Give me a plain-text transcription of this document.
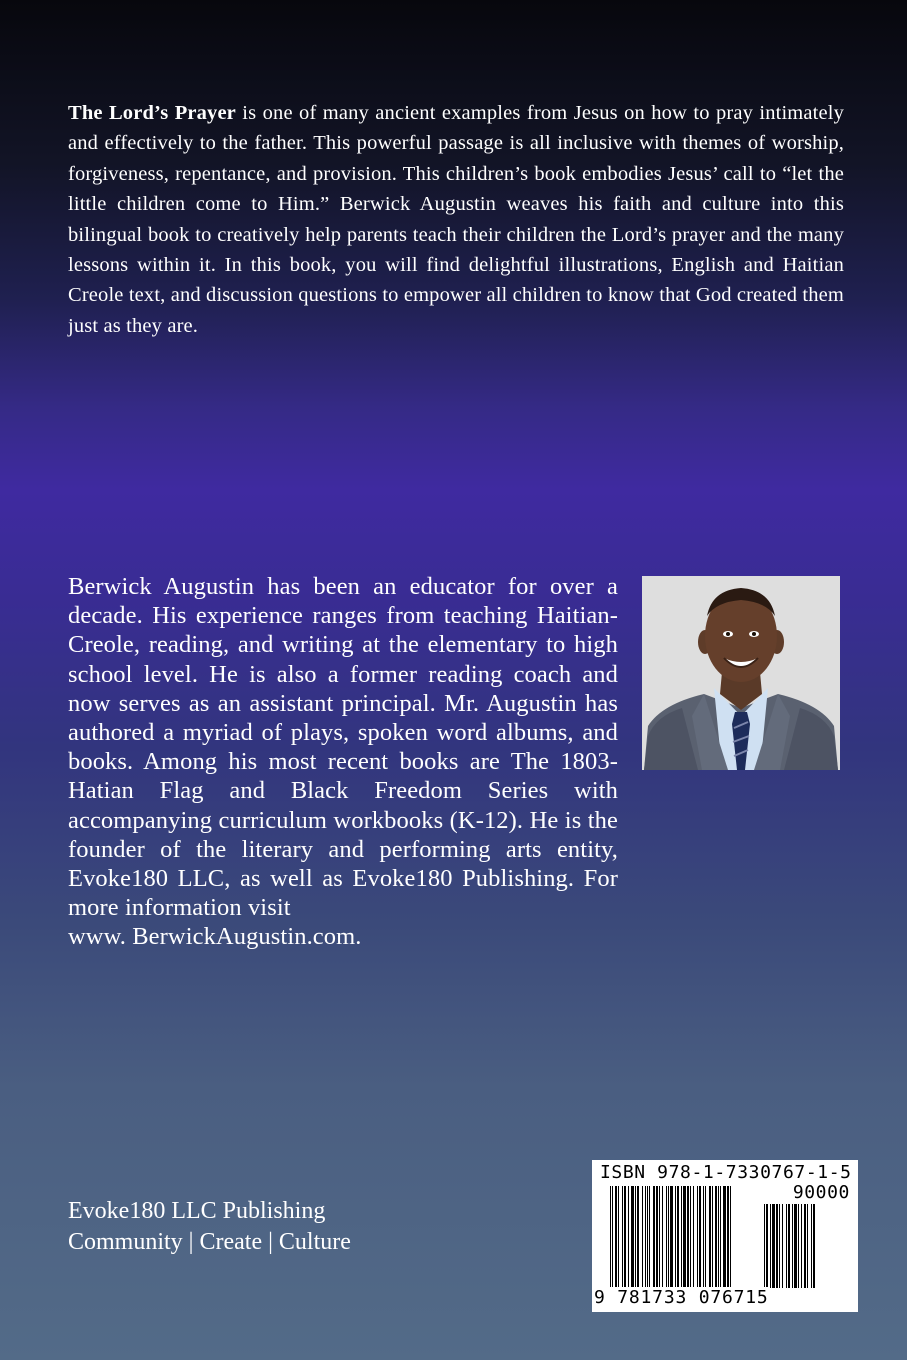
The Lord’s Prayer is one of many ancient examples from Jesus on how to pray intimately and effectively to the father. This powerful passage is all inclusive with themes of worship, forgiveness, repentance, and provision. This children’s book embodies Jesus’ call to “let the little children come to Him.” Berwick Augustin weaves his faith and culture into this bilingual book to creatively help parents teach their children the Lord’s prayer and the many lessons within it. In this book, you will find delightful illustrations, English and Haitian Creole text, and discussion questions to empower all children to know that God created them just as they are.
Berwick Augustin has been an educator for over a decade. His experience ranges from teaching Haitian-Creole, reading, and writing at the elementary to high school level. He is also a former reading coach and now serves as an assistant principal. Mr. Augustin has authored a myriad of plays, spoken word albums, and books. Among his most recent books are The 1803-Hatian Flag and Black Freedom Series with accompanying curriculum workbooks (K-12). He is the founder of the literary and performing arts entity, Evoke180 LLC, as well as Evoke180 Publishing. For more information visit
www. BerwickAugustin.com.
Evoke180 LLC Publishing
Community | Create | Culture
ISBN 978-1-7330767-1-5
90000
9 781733 076715
